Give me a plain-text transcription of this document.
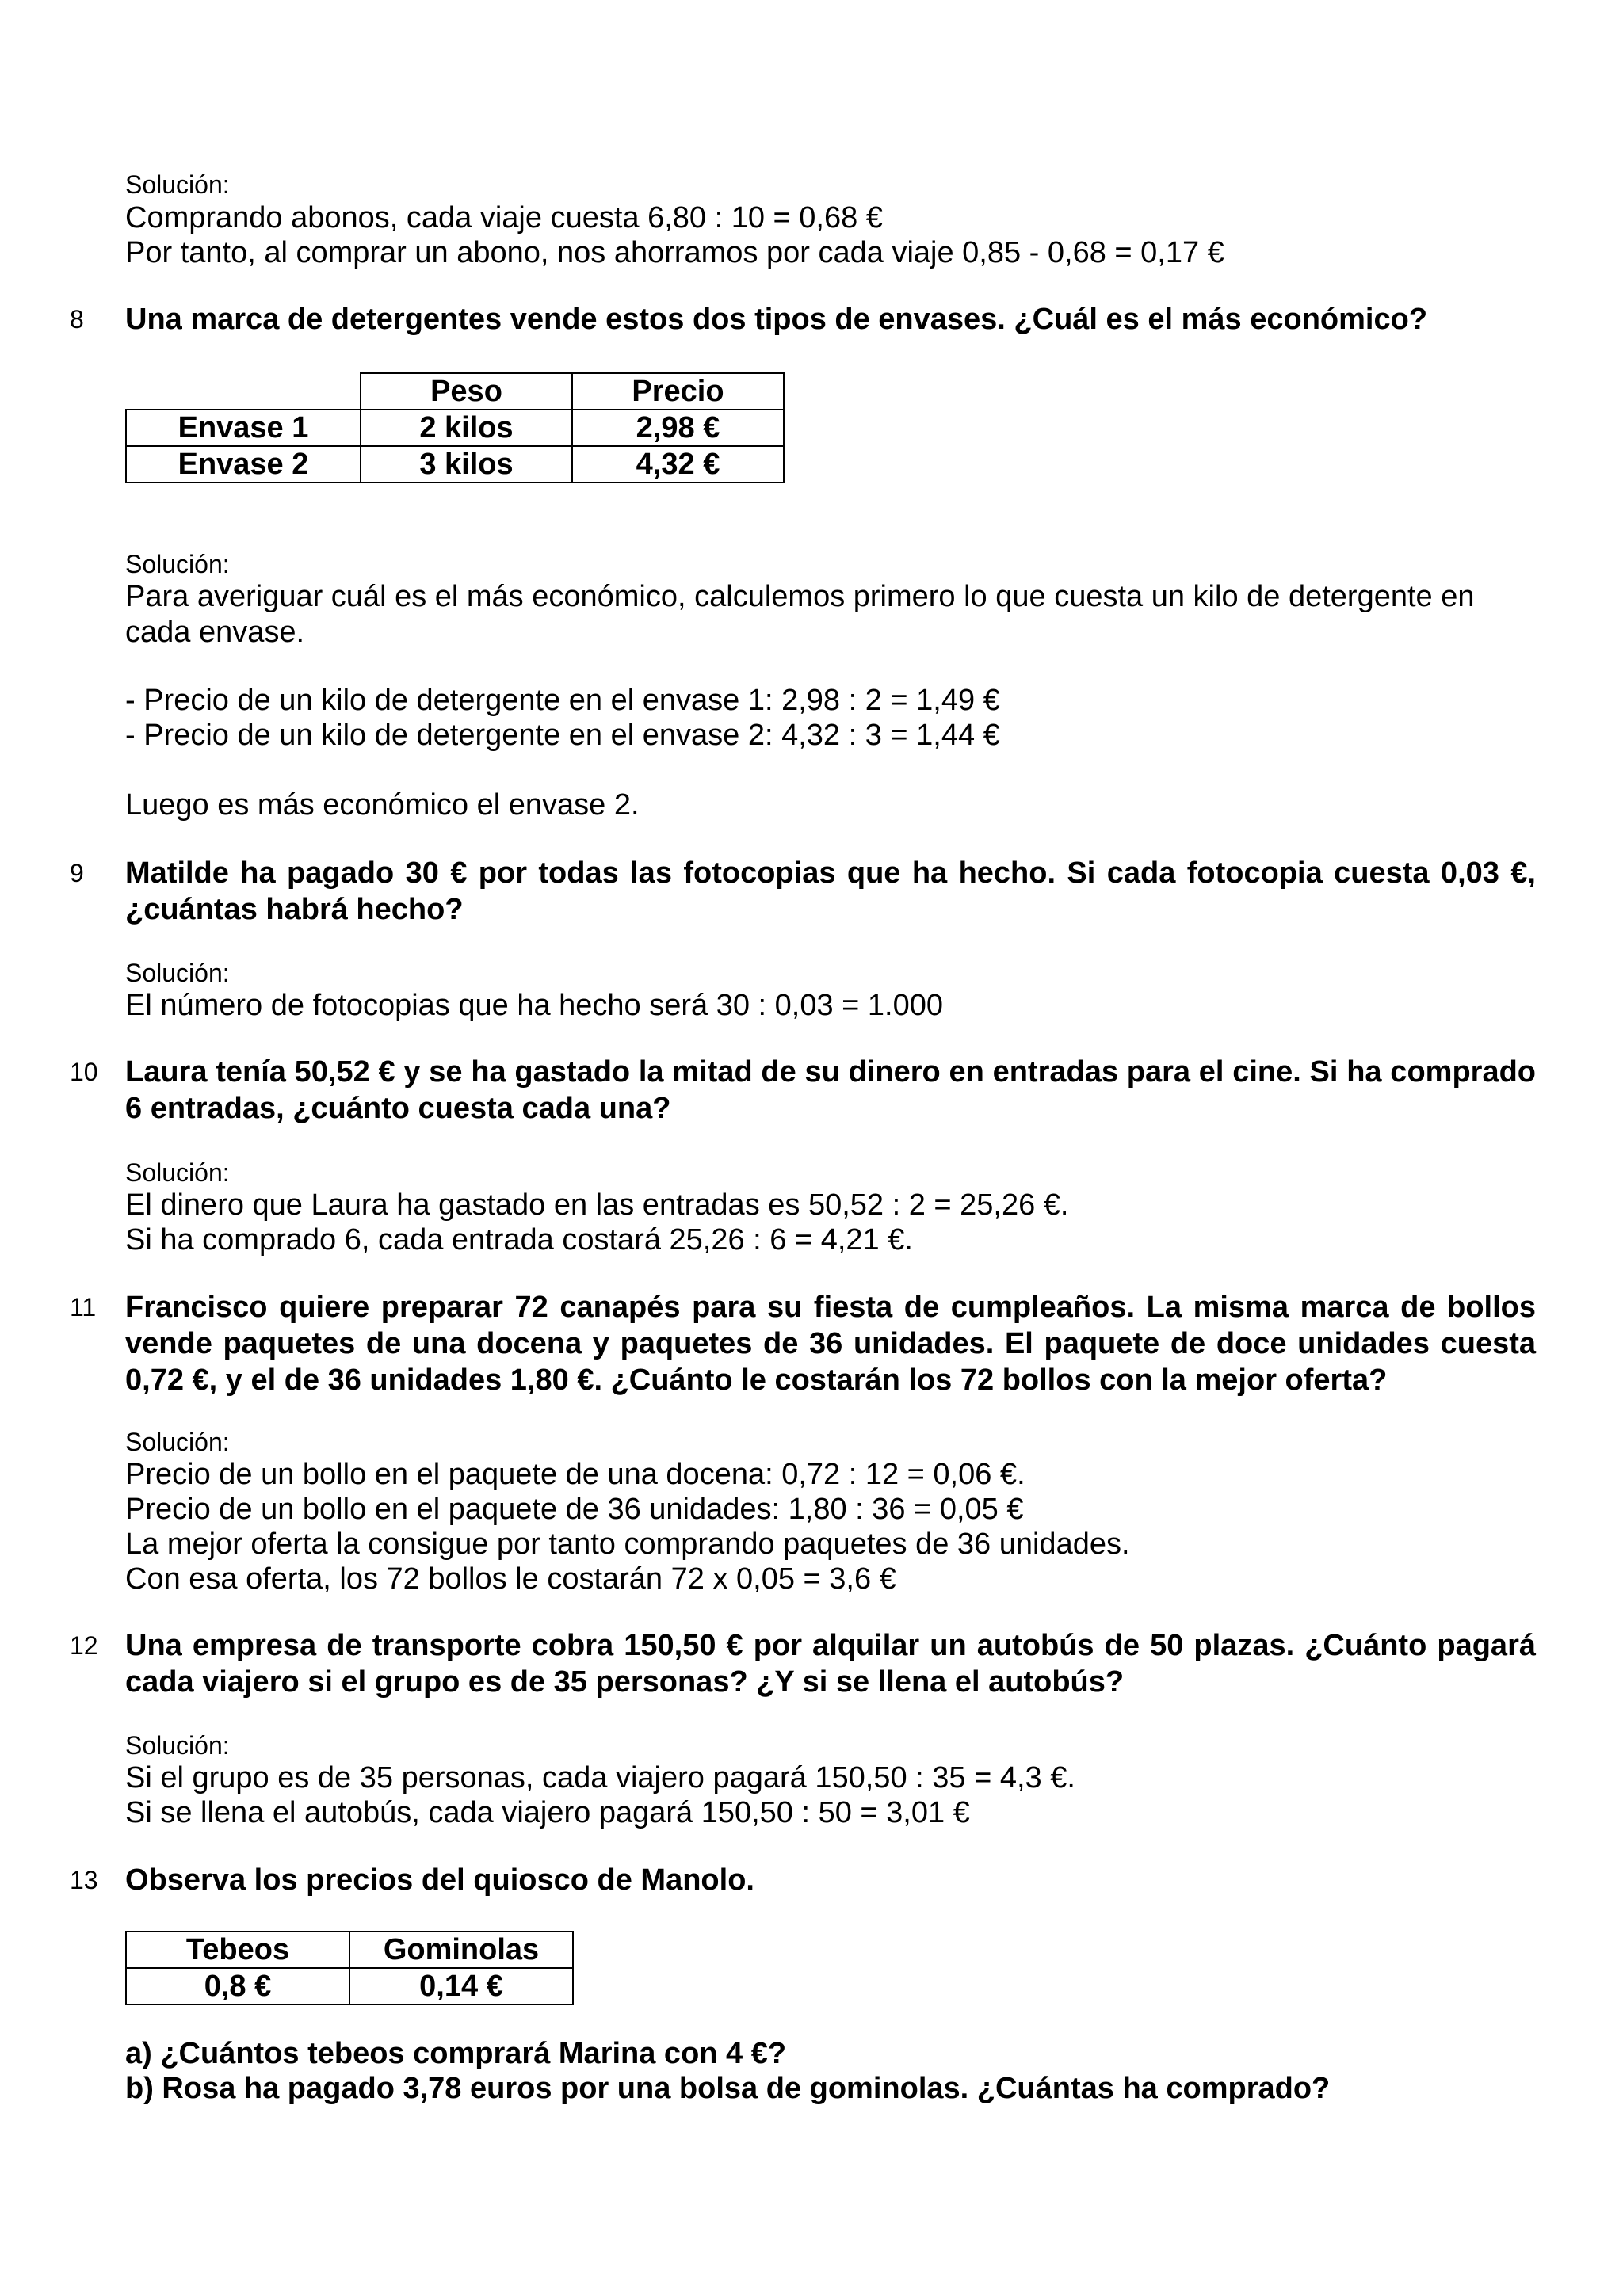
Solución:
Comprando abonos, cada viaje cuesta 6,80 : 10 = 0,68 €
Por tanto, al comprar un abono, nos ahorramos por cada viaje 0,85 - 0,68 = 0,17 €
8 Una marca de detergentes vende estos dos tipos de envases. ¿Cuál es el más económico?
	Peso	Precio
Envase 1	2 kilos	2,98 €
Envase 2	3 kilos	4,32 €
Solución:
Para averiguar cuál es el más económico, calculemos primero lo que cuesta un kilo de detergente en
cada envase.
- Precio de un kilo de detergente en el envase 1: 2,98 : 2 = 1,49 €
- Precio de un kilo de detergente en el envase 2: 4,32 : 3 = 1,44 €
Luego es más económico el envase 2.
9 Matilde ha pagado 30 € por todas las fotocopias que ha hecho. Si cada fotocopia cuesta 0,03 €, ¿cuántas habrá hecho?
Solución:
El número de fotocopias que ha hecho será 30 : 0,03 = 1.000
10 Laura tenía 50,52 € y se ha gastado la mitad de su dinero en entradas para el cine. Si ha comprado 6 entradas, ¿cuánto cuesta cada una?
Solución:
El dinero que Laura ha gastado en las entradas es 50,52 : 2 = 25,26 €.
Si ha comprado 6, cada entrada costará 25,26 : 6 = 4,21 €.
11 Francisco quiere preparar 72 canapés para su fiesta de cumpleaños. La misma marca de bollos vende paquetes de una docena y paquetes de 36 unidades. El paquete de doce unidades cuesta 0,72 €, y el de 36 unidades 1,80 €. ¿Cuánto le costarán los 72 bollos con la mejor oferta?
Solución:
Precio de un bollo en el paquete de una docena: 0,72 : 12 = 0,06 €.
Precio de un bollo en el paquete de 36 unidades: 1,80 : 36 = 0,05 €
La mejor oferta la consigue por tanto comprando paquetes de 36 unidades.
Con esa oferta, los 72 bollos le costarán 72 x 0,05 = 3,6 €
12 Una empresa de transporte cobra 150,50 € por alquilar un autobús de 50 plazas. ¿Cuánto pagará cada viajero si el grupo es de 35 personas? ¿Y si se llena el autobús?
Solución:
Si el grupo es de 35 personas, cada viajero pagará 150,50 : 35 = 4,3 €.
Si se llena el autobús, cada viajero pagará 150,50 : 50 = 3,01 €
13 Observa los precios del quiosco de Manolo.
Tebeos	Gominolas
0,8 €	0,14 €
a) ¿Cuántos tebeos comprará Marina con 4 €?
b) Rosa ha pagado 3,78 euros por una bolsa de gominolas. ¿Cuántas ha comprado?
